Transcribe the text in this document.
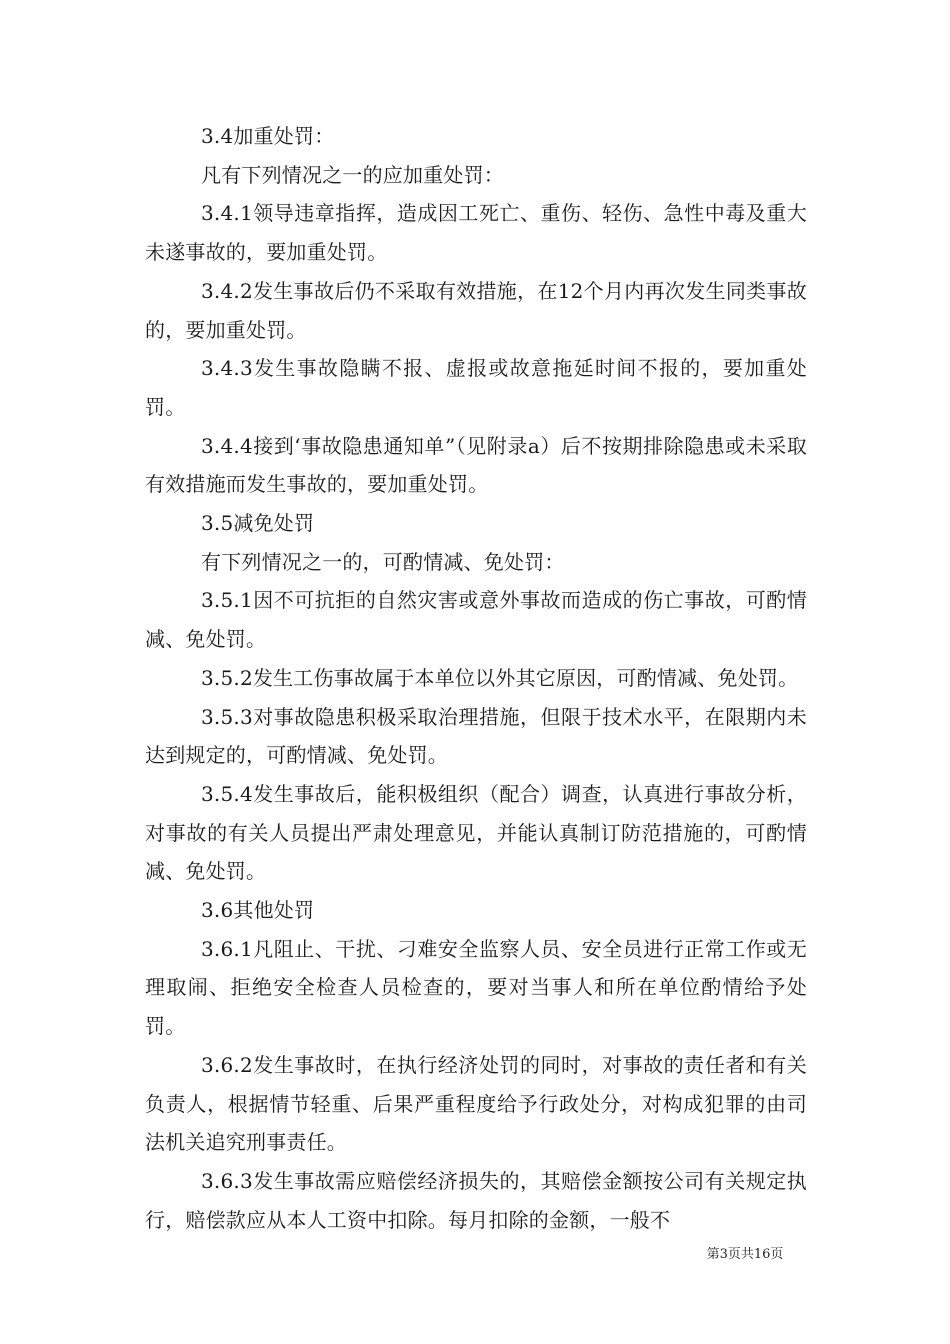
3.4加重处罚：

凡有下列情况之一的应加重处罚：

3.4.1领导违章指挥，造成因工死亡、重伤、轻伤、急性中毒及重大未遂事故的，要加重处罚。

3.4.2发生事故后仍不采取有效措施，在12个月内再次发生同类事故的，要加重处罚。

3.4.3发生事故隐瞒不报、虚报或故意拖延时间不报的，要加重处罚。

3.4.4接到‘事故隐患通知单”（见附录a）后不按期排除隐患或未采取有效措施而发生事故的，要加重处罚。

3.5减免处罚

有下列情况之一的，可酌情减、免处罚：

3.5.1因不可抗拒的自然灾害或意外事故而造成的伤亡事故，可酌情减、免处罚。

3.5.2发生工伤事故属于本单位以外其它原因，可酌情减、免处罚。

3.5.3对事故隐患积极采取治理措施，但限于技术水平，在限期内未达到规定的，可酌情减、免处罚。

3.5.4发生事故后，能积极组织（配合）调查，认真进行事故分析，对事故的有关人员提出严肃处理意见，并能认真制订防范措施的，可酌情减、免处罚。

3.6其他处罚

3.6.1凡阻止、干扰、刁难安全监察人员、安全员进行正常工作或无理取闹、拒绝安全检查人员检查的，要对当事人和所在单位酌情给予处罚。

3.6.2发生事故时，在执行经济处罚的同时，对事故的责任者和有关负责人，根据情节轻重、后果严重程度给予行政处分，对构成犯罪的由司法机关追究刑事责任。

3.6.3发生事故需应赔偿经济损失的，其赔偿金额按公司有关规定执行，赔偿款应从本人工资中扣除。每月扣除的金额，一般不

第3页共16页
